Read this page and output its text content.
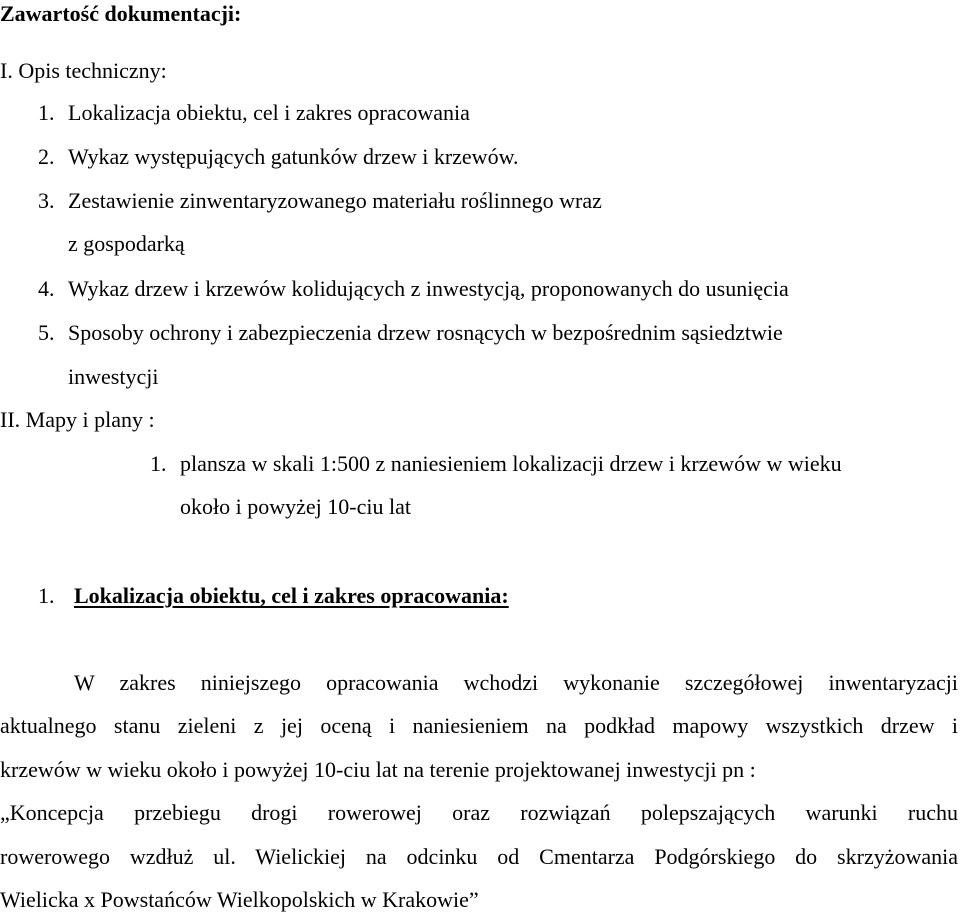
Zawartość dokumentacji:
I. Opis techniczny:
1. Lokalizacja obiektu, cel i zakres opracowania
2. Wykaz występujących gatunków drzew i krzewów.
3. Zestawienie zinwentaryzowanego materiału roślinnego wraz
z gospodarką
4. Wykaz drzew i krzewów kolidujących z inwestycją, proponowanych do usunięcia
5. Sposoby ochrony i zabezpieczenia drzew rosnących w bezpośrednim sąsiedztwie
inwestycji
II. Mapy i plany :
1. plansza w skali 1:500 z naniesieniem lokalizacji drzew i krzewów w wieku
około i powyżej 10-ciu lat
1. Lokalizacja obiektu, cel i zakres opracowania:
W zakres niniejszego opracowania wchodzi wykonanie szczegółowej inwentaryzacji
aktualnego stanu zieleni z jej oceną i naniesieniem na podkład mapowy wszystkich drzew i
krzewów w wieku około i powyżej 10-ciu lat na terenie projektowanej inwestycji pn :
„Koncepcja przebiegu drogi rowerowej oraz rozwiązań polepszających warunki ruchu
rowerowego wzdłuż ul. Wielickiej na odcinku od Cmentarza Podgórskiego do skrzyżowania
Wielicka x Powstańców Wielkopolskich w Krakowie”
